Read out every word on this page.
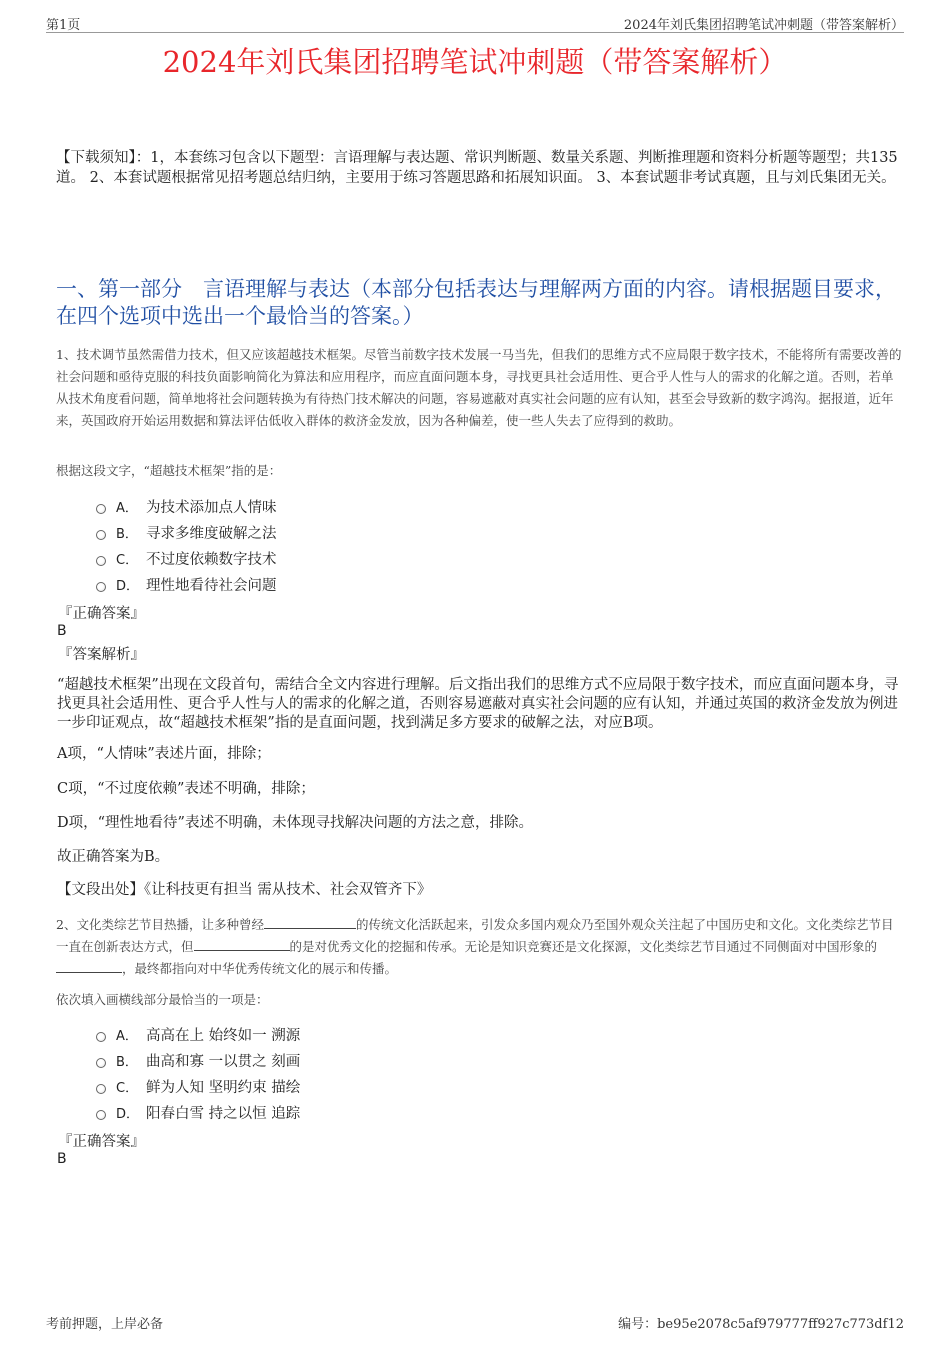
第1页	2024年刘氏集团招聘笔试冲刺题（带答案解析）
2024年刘氏集团招聘笔试冲刺题（带答案解析）
【下载须知】：1，本套练习包含以下题型：言语理解与表达题、常识判断题、数量关系题、判断推理题和资料分析题等题型；共135道。 2、本套试题根据常见招考题总结归纳，主要用于练习答题思路和拓展知识面。 3、本套试题非考试真题，且与刘氏集团无关。
一、第一部分　言语理解与表达（本部分包括表达与理解两方面的内容。请根据题目要求，在四个选项中选出一个最恰当的答案。）
1、技术调节虽然需借力技术，但又应该超越技术框架。尽管当前数字技术发展一马当先，但我们的思维方式不应局限于数字技术，不能将所有需要改善的社会问题和亟待克服的科技负面影响简化为算法和应用程序，而应直面问题本身，寻找更具社会适用性、更合乎人性与人的需求的化解之道。否则，若单从技术角度看问题，简单地将社会问题转换为有待热门技术解决的问题，容易遮蔽对真实社会问题的应有认知，甚至会导致新的数字鸿沟。据报道，近年来，英国政府开始运用数据和算法评估低收入群体的救济金发放，因为各种偏差，使一些人失去了应得到的救助。
根据这段文字，“超越技术框架”指的是：
A． 为技术添加点人情味
B． 寻求多维度破解之法
C． 不过度依赖数字技术
D． 理性地看待社会问题
『正确答案』
B
『答案解析』
“超越技术框架”出现在文段首句，需结合全文内容进行理解。后文指出我们的思维方式不应局限于数字技术，而应直面问题本身，寻找更具社会适用性、更合乎人性与人的需求的化解之道，否则容易遮蔽对真实社会问题的应有认知，并通过英国的救济金发放为例进一步印证观点，故“超越技术框架”指的是直面问题，找到满足多方要求的破解之法，对应B项。
A项，“人情味”表述片面，排除；
C项，“不过度依赖”表述不明确，排除；
D项，“理性地看待”表述不明确，未体现寻找解决问题的方法之意，排除。
故正确答案为B。
【文段出处】《让科技更有担当 需从技术、社会双管齐下》
2、文化类综艺节目热播，让多种曾经	的传统文化活跃起来，引发众多国内观众乃至国外观众关注起了中国历史和文化。文化类综艺节目一直在创新表达方式，但	的是对优秀文化的挖掘和传承。无论是知识竞赛还是文化探源，文化类综艺节目通过不同侧面对中国形象的，最终都指向对中华优秀传统文化的展示和传播。
依次填入画横线部分最恰当的一项是：
A． 高高在上 始终如一 溯源
B． 曲高和寡 一以贯之 刻画
C． 鲜为人知 坚明约束 描绘
D． 阳春白雪 持之以恒 追踪
『正确答案』
B
考前押题，上岸必备	编号：be95e2078c5af979777ff927c773df12
